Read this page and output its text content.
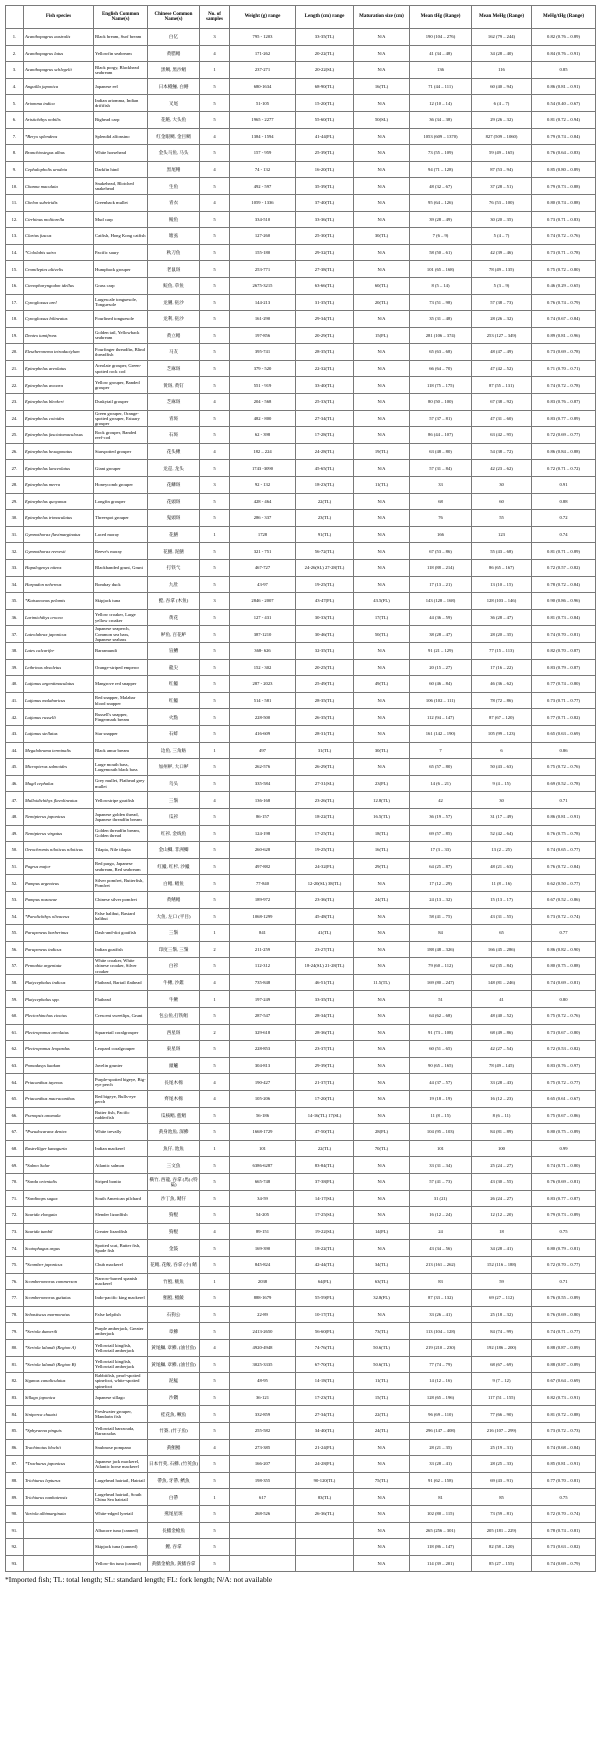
	Fish species	English Common Name(s)	Chinese Common Name(s)	No. of samples	Weight (g) range	Length (cm) range	Maturation size (cm)	Mean tHg (Range)	Mean MeHg (Range)	MeHg/tHg (Range)
1.	Acanthopagrus australis	Black bream, Surf bream	白亿	3	795 - 1203	33-35(TL)	N/A	190 (104 – 276)	162 (79 – 244)	0.82 (0.76 – 0.89)
2.	Acanthopagrus latus	Yellowfin seabream	黄腊鲳	4	171-262	20-22(TL)	N/A	41 (34 – 48)	34 (28 – 40)	0.84 (0.76 – 0.91)
3.	Acanthopagrus schlegelii	Black porgy, Blackhead seabream	黑鲷, 黑沙鲳	1	237-271	20-22(SL)	N/A	136	116	0.85
4.	Anguilla japonica	Japanese eel	日本鳗鲡, 白鳝	5	680-1634	68-90(TL)	16(TL)	71 (44 – 111)	60 (40 – 94)	0.86 (0.81 – 0.91)
5.	Ariomma indica	Indian ariomma, Indian driftfish	叉尾	5	51-105	15-20(TL)	N/A	12 (10 – 14)	6 (4 – 7)	0.54 (0.40 – 0.67)
6.	Aristichthys nobilis	Bighead carp	花鲢, 大头鱼	5	1965 - 2277	55-60(TL)	50(SL)	36 (34 – 38)	29 (26 – 32)	0.81 (0.72 – 0.94)
7.	*Beryx splendens	Splendid alfonsino	红金眼鲷, 金目鲷	4	1384 - 1594	41-44(FL)	N/A	1053 (609 – 1370)	827 (509 – 1060)	0.79 (0.74 – 0.84)
8.	Branchiostegus albus	White horsehead	金头马鱼, 马头	5	157 - 959	25-39(TL)	N/A	73 (55 – 109)	59 (49 – 165)	0.76 (0.64 – 0.83)
9.	Cephalopholis urodeta	Darkfin hind	黑尾鳍	4	74 - 132	16-20(TL)	N/A	94 (71 – 128)	87 (53 – 94)	0.85 (0.80 – 0.89)
10.	Channa maculata	Snakehead, Blotched snakehead	生鱼	5	492 - 597	35-39(TL)	N/A	48 (32 – 67)	37 (28 – 51)	0.79 (0.73 – 0.88)
11.	Chelon subviridis	Greenback mullet	青衣	4	1059 - 1336	37-40(TL)	N/A	95 (64 – 126)	76 (53 – 100)	0.80 (0.74 – 0.88)
12.	Cirrhinus molitorella	Mud carp	鲮鱼	5	334-510	33-36(TL)	N/A	39 (28 – 49)	30 (20 – 35)	0.73 (0.71 – 0.83)
13.	Clarias fuscus	Catfish, Hong Kong catfish	塘虱	5	127-260	25-30(TL)	30(TL)	7 (6 – 9)	5 (4 – 7)	0.74 (0.72 – 0.76)
14.	*Cololabis saira	Pacific saury	秋刀鱼	5	155-180	29-32(TL)	N/A	58 (50 – 61)	42 (39 – 46)	0.73 (0.71 – 0.78)
15.	Cromileptes altivelis	Humpback grouper	老鼠斑	5	253-771	27-38(TL)	N/A	101 (65 – 168)	78 (49 – 135)	0.75 (0.72 – 0.80)
16.	Ctenopharyngodon idellus	Grass carp	鲩鱼, 草鱼	5	2675-3215	63-66(TL)	60(TL)	8 (5 – 14)	5 (3 – 9)	0.46 (0.29 – 0.65)
17.	Cynoglossus arel	Largescale tonguesole, Tonguesole	龙脷, 挞沙	5	144-213	31-35(TL)	20(TL)	73 (51 – 98)	57 (38 – 73)	0.76 (0.74 – 0.79)
18.	Cynoglossus bilineatus	Fourlined tonguesole	龙利, 挞沙	5	161-290	29-34(TL)	N/A	35 (31 – 48)	28 (26 – 32)	0.74 (0.67 – 0.84)
19.	Dentex tumifrons	Golden tail, Yellowback seabream	黄立鲳	5	197-856	20-29(TL)	15(FL)	281 (106 – 374)	253 (127 – 349)	0.89 (0.81 – 0.96)
20.	Eleutheronema tetradactylum	Fourfinger threadfin, Blind threadfish	马友	5	395-741	28-35(TL)	N/A	65 (63 – 68)	48 (47 – 49)	0.73 (0.69 – 0.78)
21.	Epinephelus areolatus	Areolate grouper, Green-spotted rock cod	芝麻斑	5	379 - 520	22-32(TL)	N/A	66 (64 – 70)	47 (42 – 52)	0.71 (0.70 – 0.71)
22.	Epinephelus awoara	Yellow grouper, Banded grouper	黄斑, 黄钉	5	551 - 919	33-40(TL)	N/A	118 (75 – 175)	87 (55 – 131)	0.74 (0.72 – 0.78)
23.	Epinephelus bleekeri	Duskytail grouper	芝麻斑	4	204 - 568	25-33(TL)	N/A	80 (50 – 100)	67 (38 – 92)	0.83 (0.76 – 0.87)
24.	Epinephelus coioides	Green grouper, Orange-spotted grouper, Estuary grouper	青斑	5	482 - 800	27-34(TL)	N/A	57 (37 – 81)	47 (31 – 60)	0.83 (0.77 – 0.89)
25.	Epinephelus fasciatomaculosus	Rock grouper, Banded reef-cod	石斑	5	62 - 398	17-28(TL)	N/A	86 (44 – 107)	63 (42 – 95)	0.72 (0.69 – 0.77)
26.	Epinephelus hexagonatus	Starspotted grouper	花头鳅	4	182 – 224	24-28(TL)	19(TL)	63 (48 – 80)	54 (38 – 72)	0.86 (0.84 – 0.88)
27.	Epinephelus lanceolatus	Giant grouper	龙趸, 龙头	5	1743 -3090	45-65(TL)	N/A	57 (31 – 84)	42 (23 – 62)	0.72 (0.71 – 0.72)
28.	Epinephelus merra	Honeycomb grouper	花鳞斑	3	92 - 132	18-23(TL)	11(TL)	33	30	0.91
29.	Epinephelus quoyanus	Longfin grouper	花頭斑	5	428 - 464	22(TL)	N/A	68	60	0.88
30.	Epinephelus trimaculatus	Threespot grouper	鬼頭斑	5	286 - 337	23(TL)	N/A	76	55	0.72
31.	Gymnothorax flavimarginatus	Laced moray	花鱔	1	1728	91(TL)	N/A	166	123	0.74
32.	Gymnothorax reevesii	Reeve's moray	花鱔, 泥鱔	5	321 - 751	56-72(TL)	N/A	67 (53 – 86)	55 (43 – 68)	0.81 (0.71 – 0.89)
33.	Hapalogenys nitens	Blackbanded grunt, Grunt	打铁弋	5	467-727	24-26(SL) 27-28(TL)	N/A	118 (88 – 214)	86 (65 – 167)	0.72 (0.57 – 0.82)
34.	Harpadon nehereus	Bombay duck	九肚	5	43-97	19-25(TL)	N/A	17 (13 – 21)	13 (10 – 15)	0.78 (0.72 – 0.84)
35.	*Katsuwonus pelamis	Skipjack tuna	鲣, 吞拿 (木鱼)	3	2846 - 2007	43-47(FL)	43.5(FL)	143 (128 – 168)	128 (103 – 146)	0.90 (0.86 – 0.96)
36.	Larimichthys crocea	Yellow croaker, Large yellow croaker	黄花	5	127 - 431	30-33(TL)	17(TL)	44 (36 – 59)	36 (28 – 47)	0.81 (0.73 – 0.84)
37.	Lateolabrax japonicus	Japanese seaperch, Common sea bass, Japanese seabass	鲈鱼, 百花鲈	5	387-1210	30-46(TL)	50(TL)	38 (28 – 47)	28 (20 – 35)	0.74 (0.70 – 0.81)
38.	Lates calcarifer	Barramundi	盲鰽	5	368- 626	32-35(TL)	N/A	91 (21 – 129)	77 (15 – 113)	0.82 (0.70 – 0.87)
39.	Lethrinus obsoletus	Orange-striped emperor	龍尖	5	152 - 302	20-25(TL)	N/A	20 (15 – 27)	17 (16 – 22)	0.83 (0.79 – 0.87)
40.	Lutjanus argentimaculatus	Mangrove red snapper	红鱲	5	287 - 2023	25-49(TL)	49(TL)	60 (46 – 84)	46 (36 – 62)	0.77 (0.74 – 0.80)
41.	Lutjanus malabaricus	Red snapper, Malabar blood snapper	红鱲	5	514 - 581	28-35(TL)	N/A	106 (102 – 111)	78 (72 – 86)	0.73 (0.71 – 0.77)
42.	Lutjanus russelli	Russell's snapper, Fingermark bream	火點	5	228-500	26-35(TL)	N/A	112 (94 – 147)	87 (67 – 120)	0.77 (0.71 – 0.82)
43.	Lutjanus stellatus	Star snapper	石蚌	5	416-609	28-31(TL)	N/A	161 (142 – 190)	105 (99 – 123)	0.65 (0.63 – 0.69)
44.	Megalobrama terminalis	Black amur bream	边鱼, 三角鲂	1	497	31(TL)	30(TL)	7	6	0.86
45.	Micropterus salmoides	Large mouth bass, Largemouth black bass	加州鲈, 大口鲈	5	262-576	26-29(TL)	N/A	65 (57 – 80)	50 (43 – 63)	0.75 (0.72 – 0.76)
46.	Mugil cephalus	Grey mullet, Flathead grey mullet	乌头	5	335-584	27-31(SL)	23(FL)	14 (6 – 21)	9 (4 – 15)	0.69 (0.52 – 0.78)
47.	Mulloidichthys flavolineatus	Yellowstripe goatfish	三鬚	4	136-168	23-26(TL)	12.8(TL)	42	30	0.71
48.	Nemipterus japonicus	Japanese golden thread, Japanese threadfin bream	瓜衫	5	86-157	18-22(TL)	16.5(TL)	36 (19 – 57)	31 (17 – 49)	0.86 (0.81 – 0.91)
49.	Nemipterus virgatus	Golden threadfin bream, Golden thread	红衫, 金线鱼	5	124-198	17-25(TL)	18(TL)	69 (57 – 85)	52 (42 – 64)	0.76 (0.75 – 0.78)
50.	Oreochromis niloticus niloticus	Tilapia, Nile tilapia	金山鲫, 非洲鲫	5	260-628	19-25(TL)	16(TL)	17 (3 – 33)	13 (2 – 25)	0.74 (0.65 – 0.77)
51.	Pagrus major	Red pargo, Japanese seabream, Red seabream	红鱲, 红杉, 沙鱲	5	497-882	24-32(FL)	29(TL)	64 (25 – 87)	48 (21 – 63)	0.76 (0.72 – 0.84)
52.	Pampus argenteus	Silver pomfret, Butterfish, Pomfret	白鲳, 鲳鱼	5	77-840	12-20(SL) 38(TL)	N/A	17 (12 – 29)	11 (8 – 16)	0.62 (0.50 – 0.77)
53.	Pampus nozawae	Chinese silver pomfret	黄鳍鲳	5	189-972	23-36(TL)	24(TL)	24 (13 – 32)	15 (13 – 17)	0.67 (0.52 – 0.86)
54.	*Paralichthys olivaceus	False halibut, Bastard halibut	大鱼, 左口 (平目)	5	1068-1299	45-48(TL)	N/A	58 (41 – 75)	43 (31 – 55)	0.73 (0.72 – 0.74)
55.	Parupeneus barberinus	Dash-and-dot goatfish	三鬚	1	841	41(TL)	N/A	84	65	0.77
56.	Parupeneus indicus	Indian goatfish	印度三鬚, 三鬚	2	211-259	23-27(TL)	N/A	188 (48 – 326)	166 (45 – 286)	0.86 (0.82 – 0.90)
57.	Pennahia argentata	White croaker, White chinese croaker, Silver croaker	白衫	5	112-312	18-24(SL) 21-28(TL)	N/A	79 (60 – 112)	62 (35 – 84)	0.80 (0.75 – 0.88)
58.	Platycephalus indicus	Flathead, Bartail flathead	牛鳅, 沙錐	4	735-848	46-51(TL)	11.5(TL)	169 (80 – 247)	148 (81 – 246)	0.74 (0.69 – 0.81)
59.	Platycephalus spp.	Flathead	牛鳅	1	197-249	33-35(TL)	N/A	51	41	0.80
60.	Plectorhinchus cinctus	Crescent sweetlips, Grunt	包公鱼,打铁鲳	5	287-547	28-34(TL)	N/A	64 (62 – 68)	48 (40 – 52)	0.75 (0.72 – 0.76)
61.	Plectropomus areolatus	Squaretail coralgrouper	西星斑	2	329-618	28-36(TL)	N/A	91 (73 – 108)	68 (49 – 86)	0.73 (0.67 – 0.80)
62.	Plectropomus leopardus	Leopard coralgrouper	東星斑	5	228-853	23-37(TL)	N/A	60 (51 – 65)	42 (27 – 54)	0.72 (0.53 – 0.82)
63.	Pomadasys kaakan	Javelin grunter	頭鱸	5	304-813	29-39(TL)	N/A	90 (65 – 165)	78 (49 – 145)	0.83 (0.76 – 0.97)
64.	Priacanthus tayenus	Purple-spotted bigeye, Big-eye perch	長尾木棉	4	190-427	21-37(TL)	N/A	44 (37 – 57)	33 (28 – 43)	0.75 (0.72 – 0.77)
65.	Priacanthus macracanthus	Red bigeye, Bulls-eye perch	齊尾木棉	4	105-206	17-20(TL)	N/A	19 (18 – 19)	16 (12 – 23)	0.65 (0.61 – 0.67)
66.	Psenopsis anomala	Butter fish, Pacific rudderfish	瓜核鲳, 藍鲳	5	56-186	14-16(TL) 17(SL)	N/A	11 (8 – 15)	8 (6 – 11)	0.75 (0.67 – 0.86)
67.	*Pseudocaranx dentex	White trevally	黃身池魚, 深鰺	5	1668-1729	47-50(TL)	28(FL)	104 (95 – 103)	84 (81 – 89)	0.80 (0.75 – 0.89)
68.	Rastrelliger kanagurta	Indian mackerel	魚仔, 池魚	1	101	22(TL)	70(TL)	101	100	0.99
69.	*Salmo Salar	Atlantic salmon	三文魚	5	6386-6287	83-84(TL)	N/A	33 (31 – 34)	25 (24 – 27)	0.74 (0.71 – 0.80)
70.	*Sarda orientalis	Striped bonito	橫竹, 西龍, 吞拿 (馬) (特鯊)	5	665-748	37-38(FL)	N/A	57 (41 – 73)	43 (30 – 55)	0.76 (0.69 – 0.81)
71.	*Sardinops sagax	South American pilchard	沙丁魚, 鲭仔	5	34-59	14-17(SL)	N/A	31 (21)	26 (24 – 27)	0.83 (0.77 – 0.87)
72.	Saurida elongata	Slender lizardfish	狗棍	5	54-205	17-25(SL)	N/A	16 (12 – 24)	12 (12 – 20)	0.79 (0.73 – 0.89)
73.	Saurida tumbil	Greater lizardfish	狗棍	4	89-151	19-22(SL)	14(FL)	24	18	0.75
74.	Scatophagus argus	Spotted scat, Butter fish, Spade fish	金鼓	5	169-390	18-22(TL)	N/A	43 (34 – 56)	34 (28 – 41)	0.80 (0.79 – 0.81)
75.	*Scomber japonicus	Chub mackerel	花鲭, 花鲅, 吞拿 (小) 鲭	5	845-824	42-44(TL)	34(TL)	213 (161 – 262)	152 (116 – 188)	0.72 (0.70 – 0.77)
76.	Scomberomorus commerson	Narrow-barred spanish mackerel	竹鮫, 鲅魚	1	2038	64(FL)	63(TL)	83	59	0.71
77.	Scomberomorus guttatus	Indo-pacific king mackerel	鯧鮫, 鯧鮁	5	888-1679	55-59(FL)	32.8(FL)	87 (33 – 132)	69 (27 – 112)	0.76 (0.55 – 0.89)
78.	Sebastiscus marmoratus	False kelpfish	石狗公	5	22-89	10-17(TL)	N/A	33 (26 – 41)	25 (18 – 32)	0.76 (0.69 – 0.80)
79.	*Seriola dumerili	Purple amberjack, Greater amberjack	章鰺	5	2413-2650	56-60(FL)	73(TL)	113 (104 – 128)	84 (74 – 99)	0.74 (0.71 – 0.77)
80.	*Seriola lalandi (Region A)	Yellowtail kingfish, Yellowtail amberjack	黃尾鰤, 章鰺, (油甘魚)	4	4920-4948	74-76(TL)	50.6(TL)	219 (210 – 230)	192 (186 – 200)	0.88 (0.87 – 0.89)
81.	*Seriola lalandi (Region B)	Yellowtail kingfish, Yellowtail amberjack	黃尾鰤, 章鰺, (油甘魚)	5	3025-3335	67-70(TL)	50.6(TL)	77 (74 – 79)	68 (67 – 69)	0.88 (0.87 – 0.89)
82.	Siganus canaliculatus	Rabbitfish, pearl-spotted spinefoot, white-spotted spinefoot	泥鯭	5	48-95	14-18(TL)	11(TL)	14 (12 – 16)	9 (7 – 12)	0.67 (0.64 – 0.69)
83.	Sillago japonica	Japanese sillago	沙鑽	5	36-121	17-23(TL)	15(TL)	128 (65 – 196)	117 (51 – 155)	0.82 (0.73 – 0.91)
84.	Siniperca chuatsi	Freshwater grouper, Mandarin fish	桂花魚, 鳜魚	5	332-859	27-34(TL)	22(TL)	96 (69 – 110)	77 (66 – 90)	0.81 (0.72 – 0.88)
85.	*Sphyraena pinguis	Yellowtail barracuda, Barracudas	竹簽, (竹子魚)	5	255-582	34-40(TL)	24(TL)	296 (147 – 408)	216 (107 – 299)	0.73 (0.72 – 0.73)
86.	Trachinotus blochii	Snubnose pompano	黃鯧鯧	4	273-385	21-24(FL)	N/A	28 (21 – 35)	25 (19 – 31)	0.74 (0.68 – 0.84)
87.	*Trachurus japonicus	Japanese jack mackerel, Atlantic horse mackerel	日本竹莢, 石鰺, (竹莢魚)	5	166-207	24-28(FL)	N/A	33 (28 – 41)	28 (25 – 33)	0.85 (0.81 – 0.91)
88.	Trichiurus lepturus	Largehead hairtail, Hairtail	帶魚, 牙帶, 鱭魚	5	198-355	90-120(TL)	75(TL)	91 (62 – 158)	69 (43 – 91)	0.77 (0.70 – 0.81)
89.	Trichiurus nanhaiensis	Largehead hairtail, South China Sea hairtail	白帶	1	617	83(TL)	N/A	81	85	0.75
90.	Variola albimarginata	White-edged lyretail	燕尾星斑	5	268-526	26-36(TL)	N/A	102 (80 – 115)	73 (59 – 81)	0.72 (0.70 – 0.74)
91.		Albacore tuna (canned)	長鰭金槍魚	5			N/A	265 (256 – 301)	205 (181 – 229)	0.78 (0.74 – 0.81)
92.		Skipjack tuna (canned)	鰹, 吞拿	5			N/A	118 (86 – 147)	82 (58 – 120)	0.73 (0.63 – 0.82)
93.		Yellow-fin tuna (canned)	黃鰭金槍魚, 黃鰭吞拿	5			N/A	114 (39 – 201)	85 (27 – 155)	0.74 (0.69 – 0.79)
*Imported fish; TL: total length; SL: standard length; FL: fork length; N/A: not available
